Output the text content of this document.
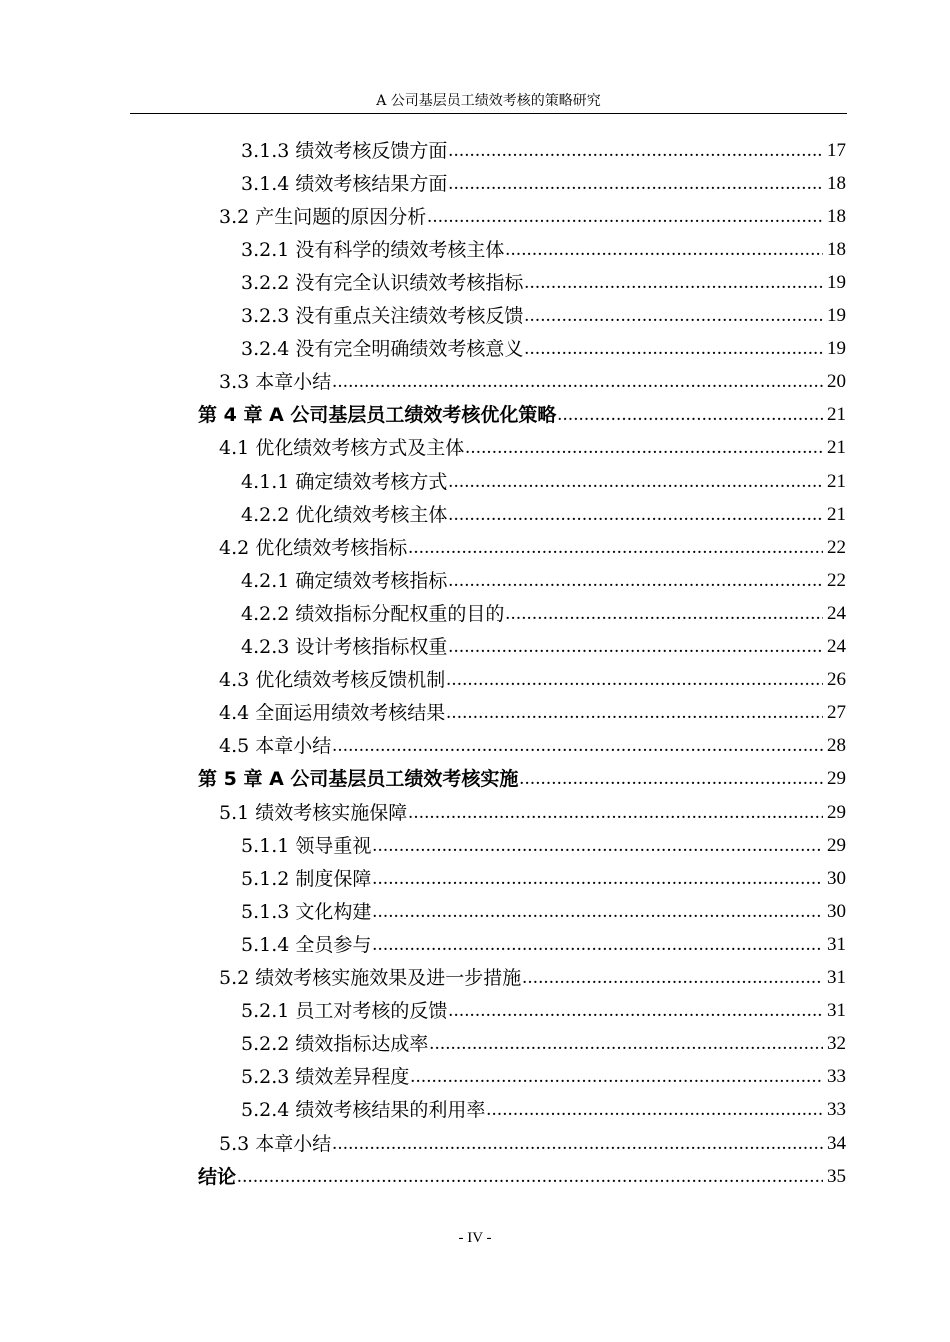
A 公司基层员工绩效考核的策略研究
3.1.3 绩效考核反馈方面 .....	17
3.1.4 绩效考核结果方面 .....	18
3.2 产生问题的原因分析 .....	18
3.2.1 没有科学的绩效考核主体 .....	18
3.2.2 没有完全认识绩效考核指标 .....	19
3.2.3 没有重点关注绩效考核反馈 .....	19
3.2.4 没有完全明确绩效考核意义 .....	19
3.3 本章小结 .....	20
第 4 章 A 公司基层员工绩效考核优化策略 .....	21
4.1 优化绩效考核方式及主体 .....	21
4.1.1 确定绩效考核方式 .....	21
4.2.2 优化绩效考核主体 .....	21
4.2 优化绩效考核指标 .....	22
4.2.1 确定绩效考核指标 .....	22
4.2.2 绩效指标分配权重的目的 .....	24
4.2.3 设计考核指标权重 .....	24
4.3 优化绩效考核反馈机制 .....	26
4.4 全面运用绩效考核结果 .....	27
4.5 本章小结 .....	28
第 5 章 A 公司基层员工绩效考核实施 .....	29
5.1 绩效考核实施保障 .....	29
5.1.1 领导重视 .....	29
5.1.2 制度保障 .....	30
5.1.3 文化构建 .....	30
5.1.4 全员参与 .....	31
5.2 绩效考核实施效果及进一步措施 .....	31
5.2.1 员工对考核的反馈 .....	31
5.2.2 绩效指标达成率 .....	32
5.2.3 绩效差异程度 .....	33
5.2.4 绩效考核结果的利用率 .....	33
5.3 本章小结 .....	34
结论 .....	35
- IV -
